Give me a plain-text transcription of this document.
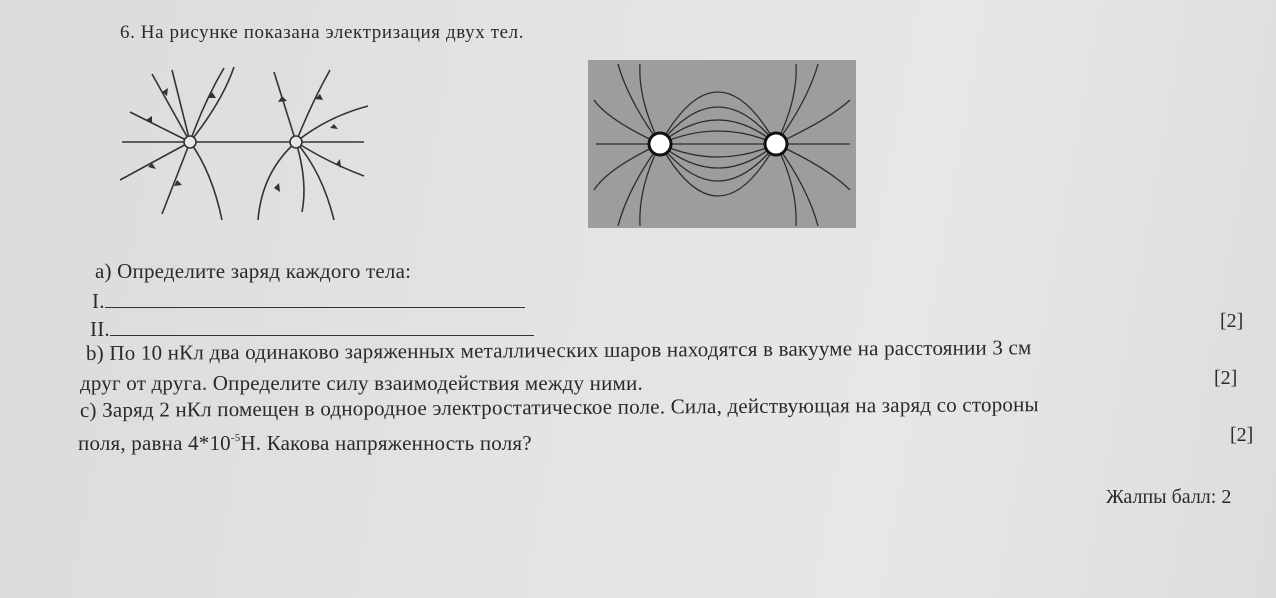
6. На рисунке показана электризация двух тел.
а) Определите заряд каждого тела:
I.
II.	[2]
b) По 10 нКл два одинаково заряженных металлических шаров находятся в вакууме на расстоянии 3 см
друг от друга. Определите силу взаимодействия между ними.	[2]
c) Заряд 2 нКл помещен в однородное электростатическое поле. Сила, действующая на заряд со стороны
поля, равна $4*10^{-5}Н$. Какова напряженность поля?	[2]
Жалпы балл: 2
